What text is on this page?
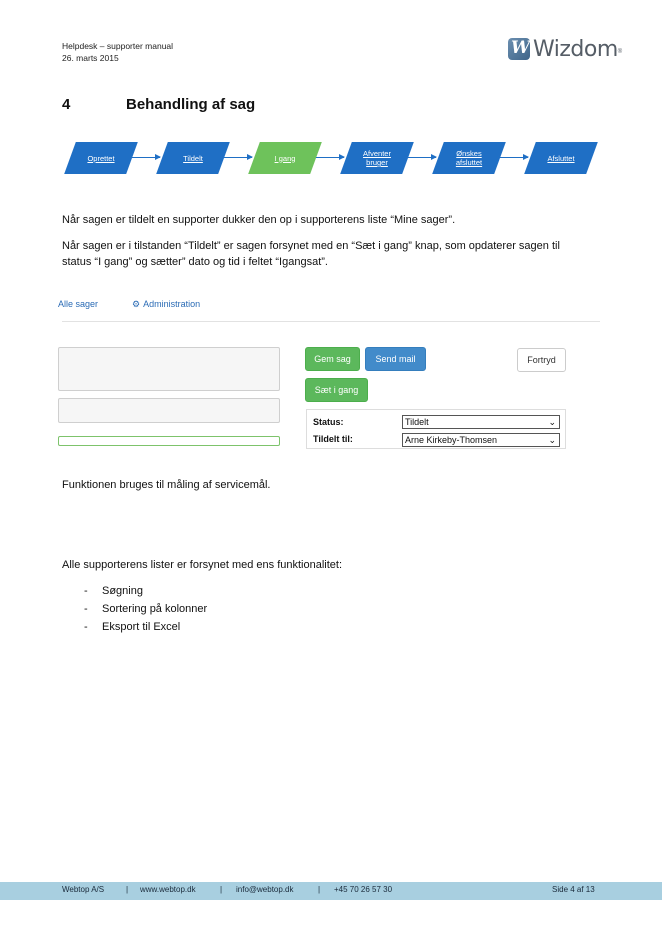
Helpdesk – supporter manual
26. marts 2015	W Wizdom ®
4	Behandling af sag
Oprettet	Tildelt	I gang	Afventer
bruger
Ønskes
afsluttet	Afsluttet
Når sagen er tildelt en supporter dukker den op i supporterens liste “Mine sager”.
Når sagen er i tilstanden “Tildelt” er sagen forsynet med en “Sæt i gang” knap, som opdaterer sagen til status “I gang” og sætter” dato og tid i feltet “Igangsat”.
Alle sager	⚙ Administration
Gem sag	Send mail	Fortryd
Sæt i gang
Status:	Tildelt	⌄
Tildelt til:	Arne Kirkeby-Thomsen	⌄
Funktionen bruges til måling af servicemål.
Alle supporterens lister er forsynet med ens funktionalitet:
-	Søgning
-	Sortering på kolonner
-	Eksport til Excel
Webtop A/S	| www.webtop.dk	| info@webtop.dk	| +45 70 26 57 30	Side 4 af 13
